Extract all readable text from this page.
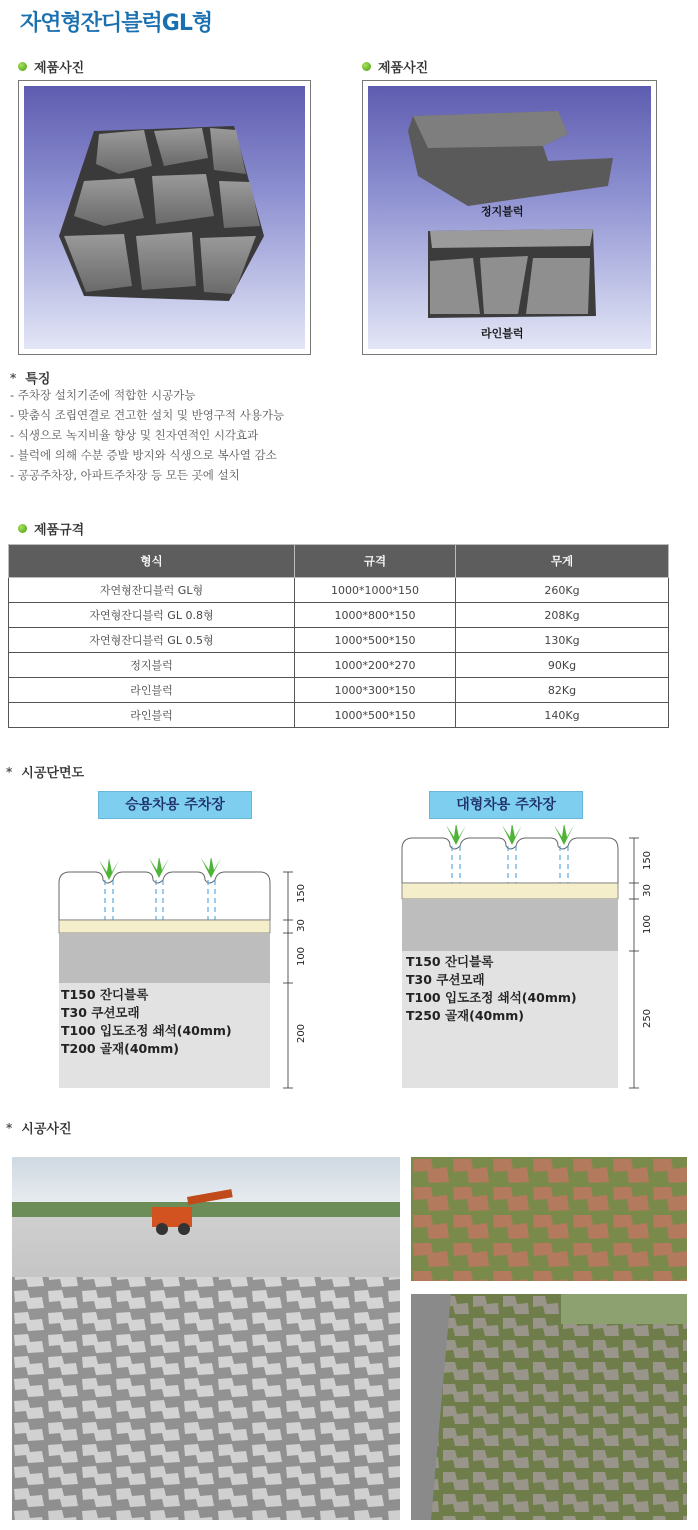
자연형잔디블럭GL형
제품사진	제품사진
정지블럭
라인블럭
* 특징
- 주차장 설치기준에 적합한 시공가능
- 맞춤식 조립연결로 견고한 설치 및 반영구적 사용가능
- 식생으로 녹지비율 향상 및 친자연적인 시각효과
- 블럭에 의해 수분 증발 방지와 식생으로 복사열 감소
- 공공주차장, 아파트주차장 등 모든 곳에 설치
제품규격
형식	규격	무게
자연형잔디블럭 GL형	1000*1000*150	260Kg
자연형잔디블럭 GL 0.8형	1000*800*150	208Kg
자연형잔디블럭 GL 0.5형	1000*500*150	130Kg
정지블럭	1000*200*270	90Kg
라인블럭	1000*300*150	82Kg
라인블럭	1000*500*150	140Kg
* 시공단면도
승용차용 주차장
150
30
100
200
T150 잔디블록
T30 쿠션모래
T100 입도조정 쇄석(40mm)
T200 골재(40mm)
대형차용 주차장
150
30
100
250
T150 잔디블록
T30 쿠션모래
T100 입도조정 쇄석(40mm)
T250 골재(40mm)
* 시공사진
